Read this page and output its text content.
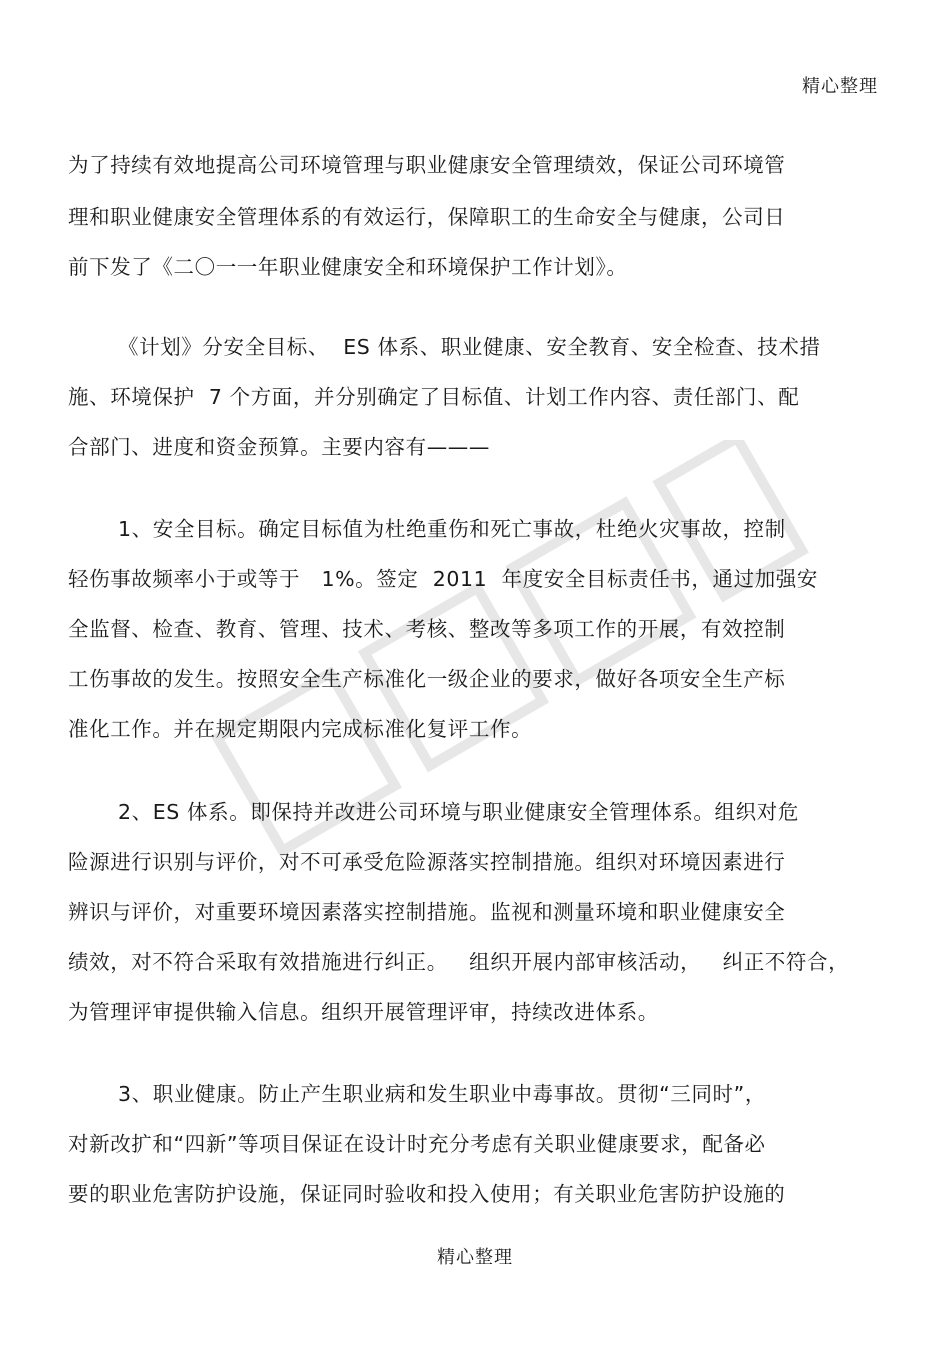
精心整理
为了持续有效地提高公司环境管理与职业健康安全管理绩效，保证公司环境管
理和职业健康安全管理体系的有效运行，保障职工的生命安全与健康，公司日
前下发了《二〇一一年职业健康安全和环境保护工作计划》。
《计划》分安全目标、  ES 体系、职业健康、安全教育、安全检查、技术措
施、环境保护  7 个方面，并分别确定了目标值、计划工作内容、责任部门、配
合部门、进度和资金预算。主要内容有———
1、安全目标。确定目标值为杜绝重伤和死亡事故，杜绝火灾事故，控制
轻伤事故频率小于或等于   1%。签定  2011  年度安全目标责任书，通过加强安
全监督、检查、教育、管理、技术、考核、整改等多项工作的开展，有效控制
工伤事故的发生。按照安全生产标准化一级企业的要求，做好各项安全生产标
准化工作。并在规定期限内完成标准化复评工作。
2、ES 体系。即保持并改进公司环境与职业健康安全管理体系。组织对危
险源进行识别与评价，对不可承受危险源落实控制措施。组织对环境因素进行
辨识与评价，对重要环境因素落实控制措施。监视和测量环境和职业健康安全
绩效，对不符合采取有效措施进行纠正。   组织开展内部审核活动，   纠正不符合，
为管理评审提供输入信息。组织开展管理评审，持续改进体系。
3、职业健康。防止产生职业病和发生职业中毒事故。贯彻“三同时”，
对新改扩和“四新”等项目保证在设计时充分考虑有关职业健康要求，配备必
要的职业危害防护设施，保证同时验收和投入使用；有关职业危害防护设施的
精心整理
